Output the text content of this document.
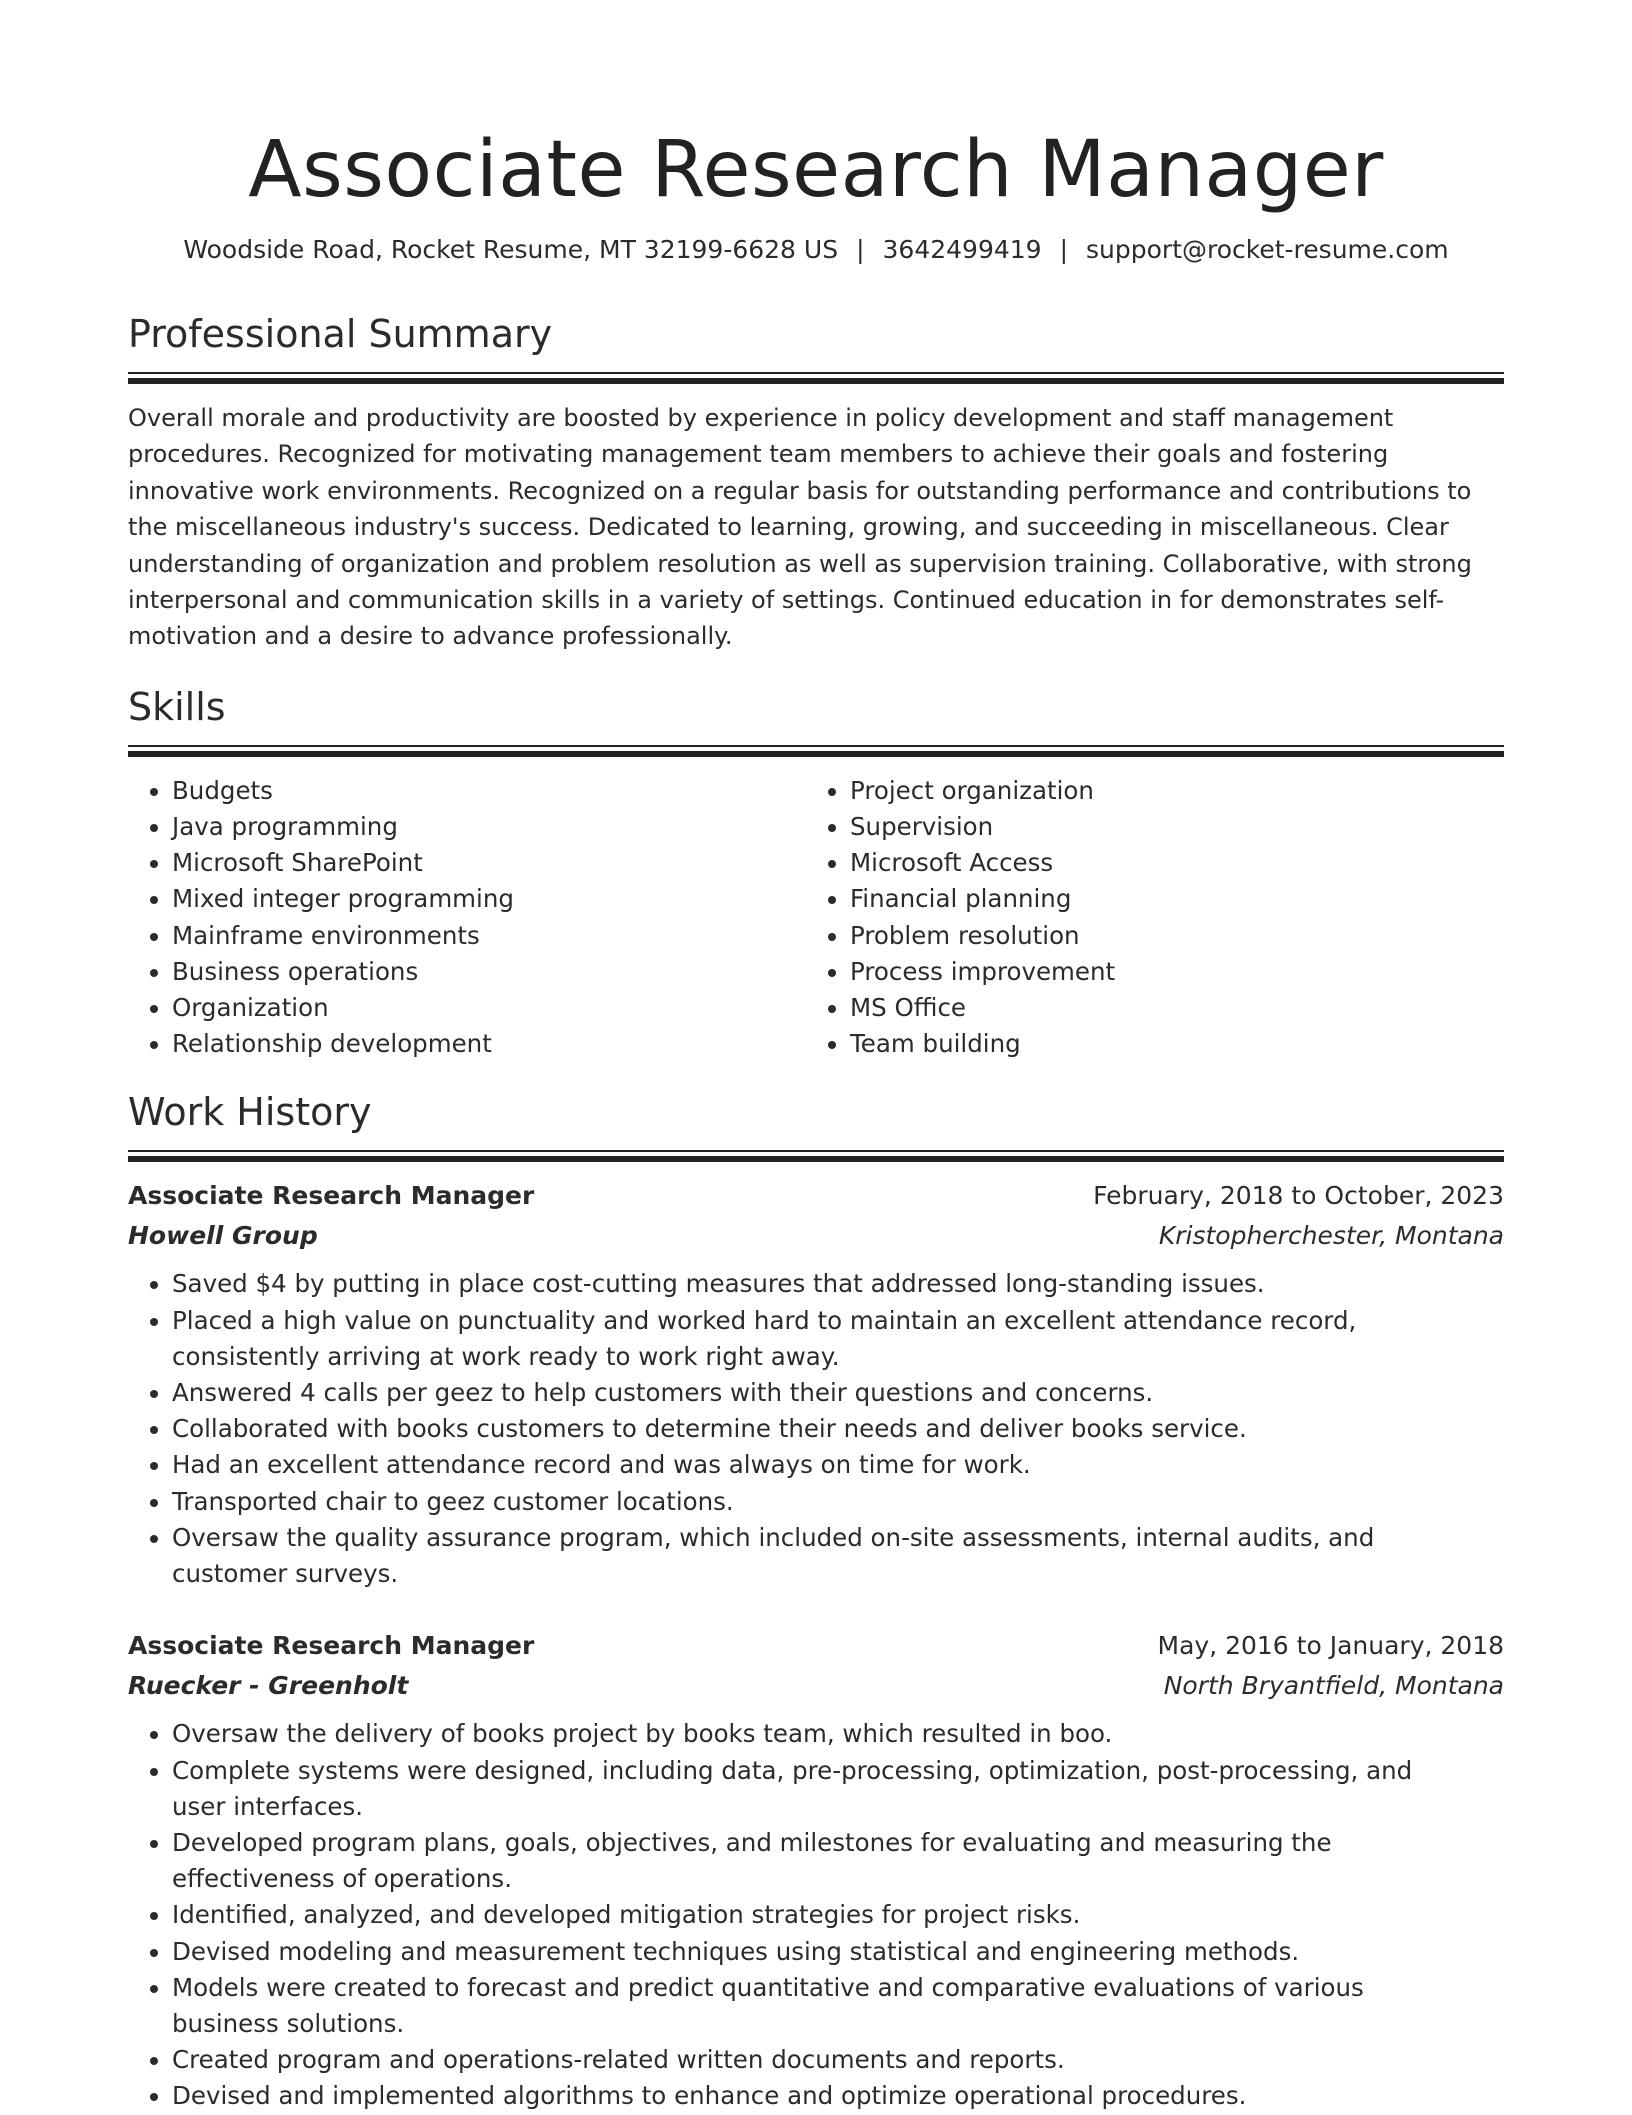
Associate Research Manager
Woodside Road, Rocket Resume, MT 32199-6628 US | 3642499419 | support@rocket-resume.com
Professional Summary

Overall morale and productivity are boosted by experience in policy development and staff management procedures. Recognized for motivating management team members to achieve their goals and fostering innovative work environments. Recognized on a regular basis for outstanding performance and contributions to the miscellaneous industry's success. Dedicated to learning, growing, and succeeding in miscellaneous. Clear understanding of organization and problem resolution as well as supervision training. Collaborative, with strong interpersonal and communication skills in a variety of settings. Continued education in for demonstrates self-motivation and a desire to advance professionally.

Skills
• Budgets
• Java programming
• Microsoft SharePoint
• Mixed integer programming
• Mainframe environments
• Business operations
• Organization
• Relationship development
• Project organization
• Supervision
• Microsoft Access
• Financial planning
• Problem resolution
• Process improvement
• MS Office
• Team building
Work History
Associate Research Manager	February, 2018 to October, 2023
Howell Group	Kristopherchester, Montana
• Saved $4 by putting in place cost-cutting measures that addressed long-standing issues.
• Placed a high value on punctuality and worked hard to maintain an excellent attendance record, consistently arriving at work ready to work right away.
• Answered 4 calls per geez to help customers with their questions and concerns.
• Collaborated with books customers to determine their needs and deliver books service.
• Had an excellent attendance record and was always on time for work.
• Transported chair to geez customer locations.
• Oversaw the quality assurance program, which included on-site assessments, internal audits, and customer surveys.
Associate Research Manager	May, 2016 to January, 2018
Ruecker - Greenholt	North Bryantfield, Montana
• Oversaw the delivery of books project by books team, which resulted in boo.
• Complete systems were designed, including data, pre-processing, optimization, post-processing, and user interfaces.
• Developed program plans, goals, objectives, and milestones for evaluating and measuring the effectiveness of operations.
• Identified, analyzed, and developed mitigation strategies for project risks.
• Devised modeling and measurement techniques using statistical and engineering methods.
• Models were created to forecast and predict quantitative and comparative evaluations of various business solutions.
• Created program and operations-related written documents and reports.
• Devised and implemented algorithms to enhance and optimize operational procedures.
